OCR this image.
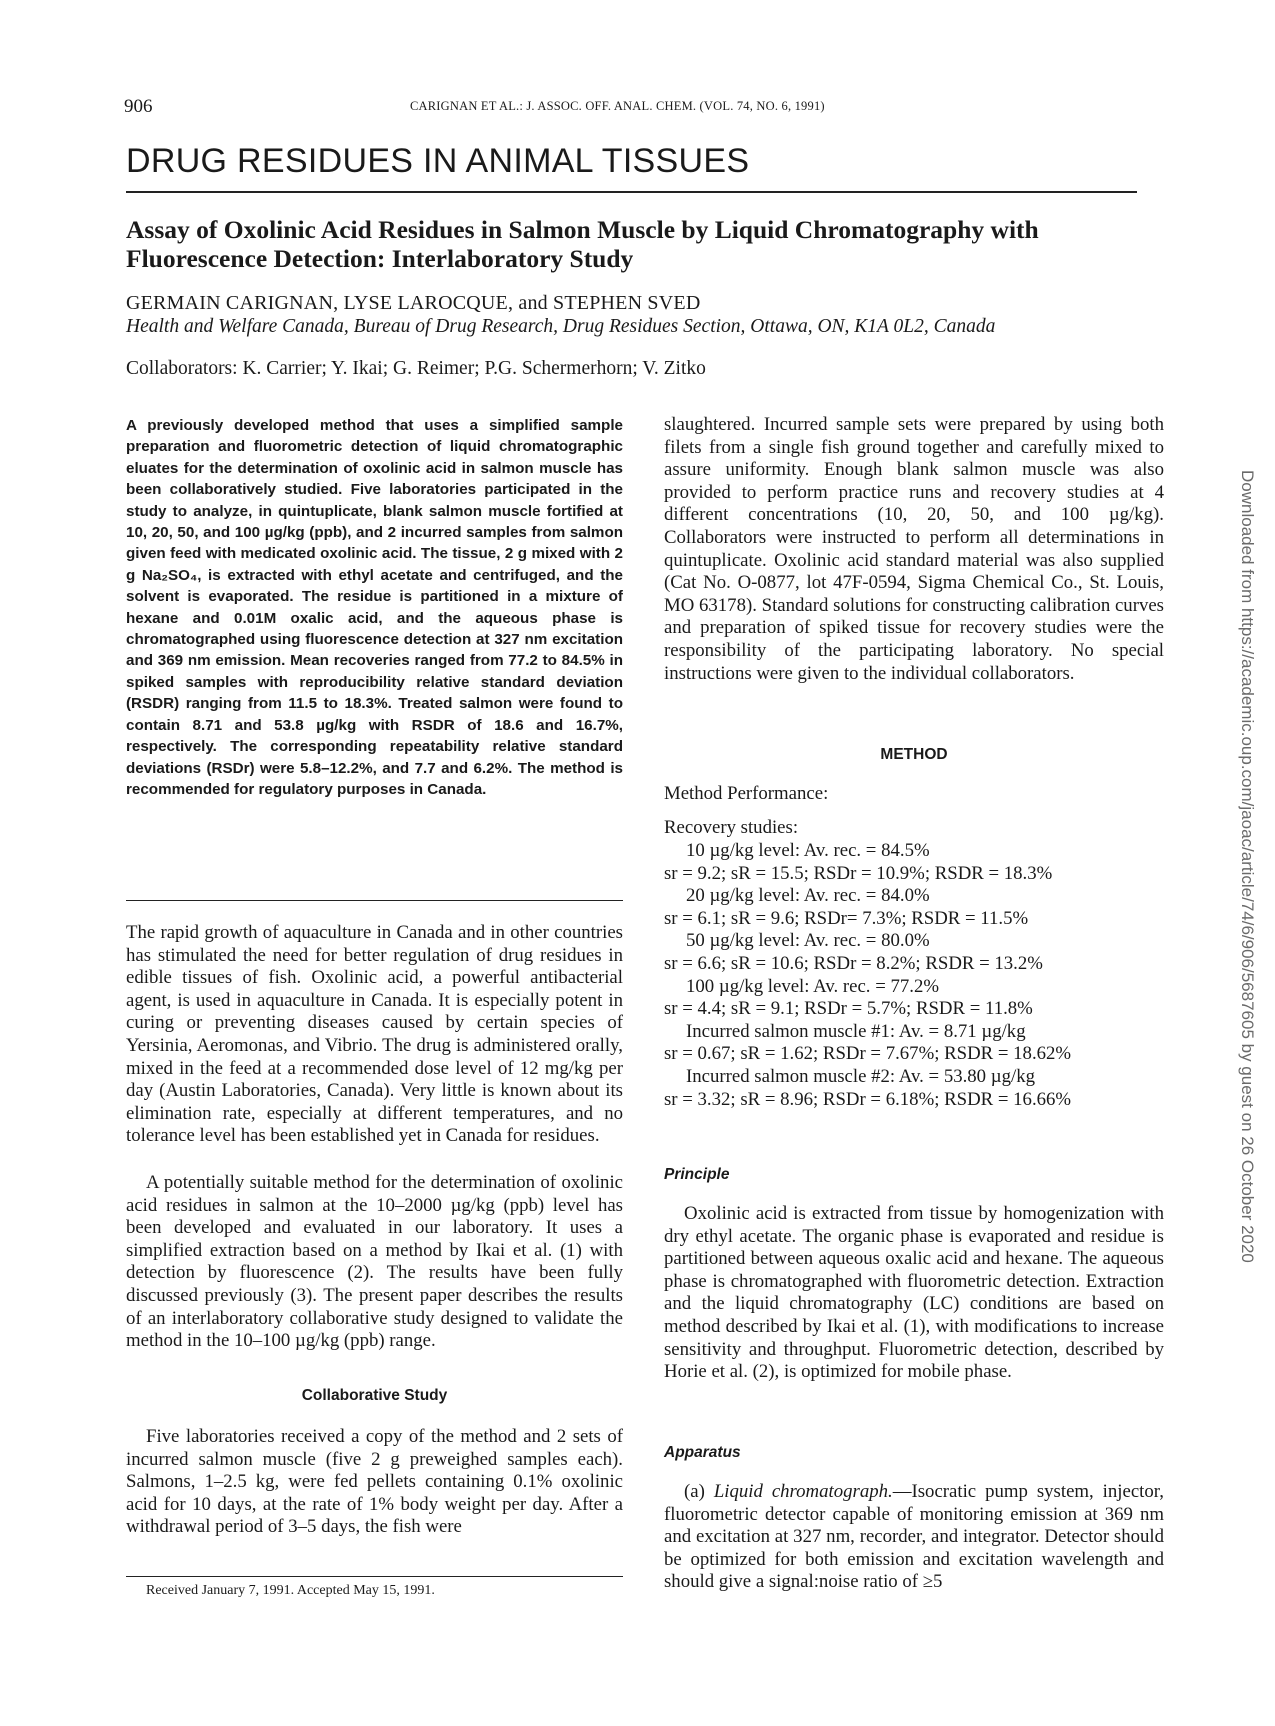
906	CARIGNAN ET AL.: J. ASSOC. OFF. ANAL. CHEM. (VOL. 74, NO. 6, 1991)
DRUG RESIDUES IN ANIMAL TISSUES
Assay of Oxolinic Acid Residues in Salmon Muscle by Liquid Chromatography with Fluorescence Detection: Interlaboratory Study
GERMAIN CARIGNAN, LYSE LAROCQUE, and STEPHEN SVED
Health and Welfare Canada, Bureau of Drug Research, Drug Residues Section, Ottawa, ON, K1A 0L2, Canada
Collaborators: K. Carrier; Y. Ikai; G. Reimer; P.G. Schermerhorn; V. Zitko

A previously developed method that uses a simplified sample preparation and fluorometric detection of liquid chromatographic eluates for the determination of oxolinic acid in salmon muscle has been collaboratively studied. Five laboratories participated in the study to analyze, in quintuplicate, blank salmon muscle fortified at 10, 20, 50, and 100 µg/kg (ppb), and 2 incurred samples from salmon given feed with medicated oxolinic acid. The tissue, 2 g mixed with 2 g Na₂SO₄, is extracted with ethyl acetate and centrifuged, and the solvent is evaporated. The residue is partitioned in a mixture of hexane and 0.01M oxalic acid, and the aqueous phase is chromatographed using fluorescence detection at 327 nm excitation and 369 nm emission. Mean recoveries ranged from 77.2 to 84.5% in spiked samples with reproducibility relative standard deviation (RSDR) ranging from 11.5 to 18.3%. Treated salmon were found to contain 8.71 and 53.8 µg/kg with RSDR of 18.6 and 16.7%, respectively. The corresponding repeatability relative standard deviations (RSDr) were 5.8–12.2%, and 7.7 and 6.2%. The method is recommended for regulatory purposes in Canada.

The rapid growth of aquaculture in Canada and in other countries has stimulated the need for better regulation of drug residues in edible tissues of fish. Oxolinic acid, a powerful antibacterial agent, is used in aquaculture in Canada. It is especially potent in curing or preventing diseases caused by certain species of Yersinia, Aeromonas, and Vibrio. The drug is administered orally, mixed in the feed at a recommended dose level of 12 mg/kg per day (Austin Laboratories, Canada). Very little is known about its elimination rate, especially at different temperatures, and no tolerance level has been established yet in Canada for residues.

A potentially suitable method for the determination of oxolinic acid residues in salmon at the 10–2000 µg/kg (ppb) level has been developed and evaluated in our laboratory. It uses a simplified extraction based on a method by Ikai et al. (1) with detection by fluorescence (2). The results have been fully discussed previously (3). The present paper describes the results of an interlaboratory collaborative study designed to validate the method in the 10–100 µg/kg (ppb) range.

Collaborative Study

Five laboratories received a copy of the method and 2 sets of incurred salmon muscle (five 2 g preweighed samples each). Salmons, 1–2.5 kg, were fed pellets containing 0.1% oxolinic acid for 10 days, at the rate of 1% body weight per day. After a withdrawal period of 3–5 days, the fish were

Received January 7, 1991. Accepted May 15, 1991.

slaughtered. Incurred sample sets were prepared by using both filets from a single fish ground together and carefully mixed to assure uniformity. Enough blank salmon muscle was also provided to perform practice runs and recovery studies at 4 different concentrations (10, 20, 50, and 100 µg/kg). Collaborators were instructed to perform all determinations in quintuplicate. Oxolinic acid standard material was also supplied (Cat No. O-0877, lot 47F-0594, Sigma Chemical Co., St. Louis, MO 63178). Standard solutions for constructing calibration curves and preparation of spiked tissue for recovery studies were the responsibility of the participating laboratory. No special instructions were given to the individual collaborators.

METHOD
Method Performance:
Recovery studies:
10 µg/kg level: Av. rec. = 84.5%
sr = 9.2; sR = 15.5; RSDr = 10.9%; RSDR = 18.3%
20 µg/kg level: Av. rec. = 84.0%
sr = 6.1; sR = 9.6; RSDr= 7.3%; RSDR = 11.5%
50 µg/kg level: Av. rec. = 80.0%
sr = 6.6; sR = 10.6; RSDr = 8.2%; RSDR = 13.2%
100 µg/kg level: Av. rec. = 77.2%
sr = 4.4; sR = 9.1; RSDr = 5.7%; RSDR = 11.8%
Incurred salmon muscle #1: Av. = 8.71 µg/kg
sr = 0.67; sR = 1.62; RSDr = 7.67%; RSDR = 18.62%
Incurred salmon muscle #2: Av. = 53.80 µg/kg
sr = 3.32; sR = 8.96; RSDr = 6.18%; RSDR = 16.66%
Principle

Oxolinic acid is extracted from tissue by homogenization with dry ethyl acetate. The organic phase is evaporated and residue is partitioned between aqueous oxalic acid and hexane. The aqueous phase is chromatographed with fluorometric detection. Extraction and the liquid chromatography (LC) conditions are based on method described by Ikai et al. (1), with modifications to increase sensitivity and throughput. Fluorometric detection, described by Horie et al. (2), is optimized for mobile phase.

Apparatus

(a) Liquid chromatograph.—Isocratic pump system, injector, fluorometric detector capable of monitoring emission at 369 nm and excitation at 327 nm, recorder, and integrator. Detector should be optimized for both emission and excitation wavelength and should give a signal:noise ratio of ≥5

Downloaded from https://academic.oup.com/jaoac/article/74/6/906/5687605 by guest on 26 October 2020
